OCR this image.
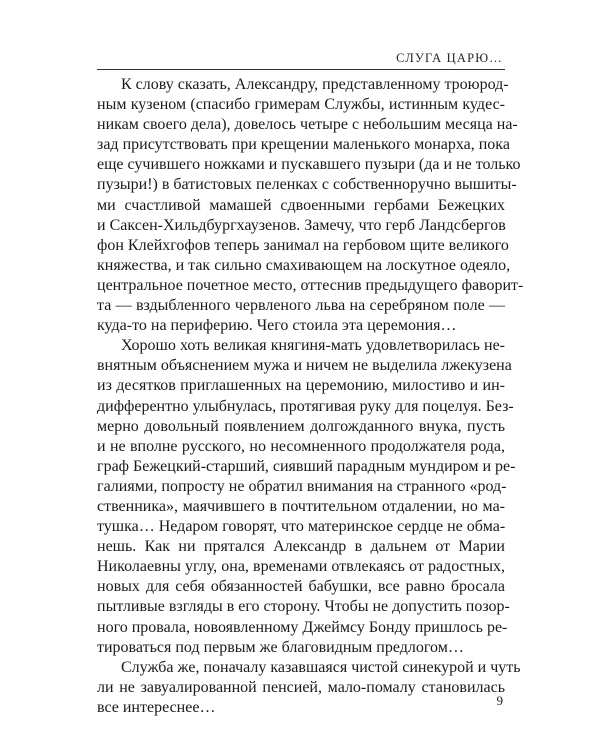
СЛУГА ЦАРЮ…
К слову сказать, Александру, представленному троюрод-
ным кузеном (спасибо гримерам Службы, истинным кудес-
никам своего дела), довелось четыре с небольшим месяца на-
зад присутствовать при крещении маленького монарха, пока
еще сучившего ножками и пускавшего пузыри (да и не только
пузыри!) в батистовых пеленках с собственноручно вышиты-
ми счастливой мамашей сдвоенными гербами Бежецких
и Саксен-Хильдбургхаузенов. Замечу, что герб Ландсбергов
фон Клейхгофов теперь занимал на гербовом щите великого
княжества, и так сильно смахивающем на лоскутное одеяло,
центральное почетное место, оттеснив предыдущего фаворит-
та — вздыбленного червленого льва на серебряном поле —
куда-то на периферию. Чего стоила эта церемония…
Хорошо хоть великая княгиня-мать удовлетворилась не-
внятным объяснением мужа и ничем не выделила лжекузена
из десятков приглашенных на церемонию, милостиво и ин-
дифферентно улыбнулась, протягивая руку для поцелуя. Без-
мерно довольный появлением долгожданного внука, пусть
и не вполне русского, но несомненного продолжателя рода,
граф Бежецкий-старший, сиявший парадным мундиром и ре-
галиями, попросту не обратил внимания на странного «род-
ственника», маячившего в почтительном отдалении, но ма-
тушка… Недаром говорят, что материнское сердце не обма-
нешь. Как ни прятался Александр в дальнем от Марии
Николаевны углу, она, временами отвлекаясь от радостных,
новых для себя обязанностей бабушки, все равно бросала
пытливые взгляды в его сторону. Чтобы не допустить позор-
ного провала, новоявленному Джеймсу Бонду пришлось ре-
тироваться под первым же благовидным предлогом…
Служба же, поначалу казавшаяся чистой синекурой и чуть
ли не завуалированной пенсией, мало-помалу становилась
все интереснее…	9
